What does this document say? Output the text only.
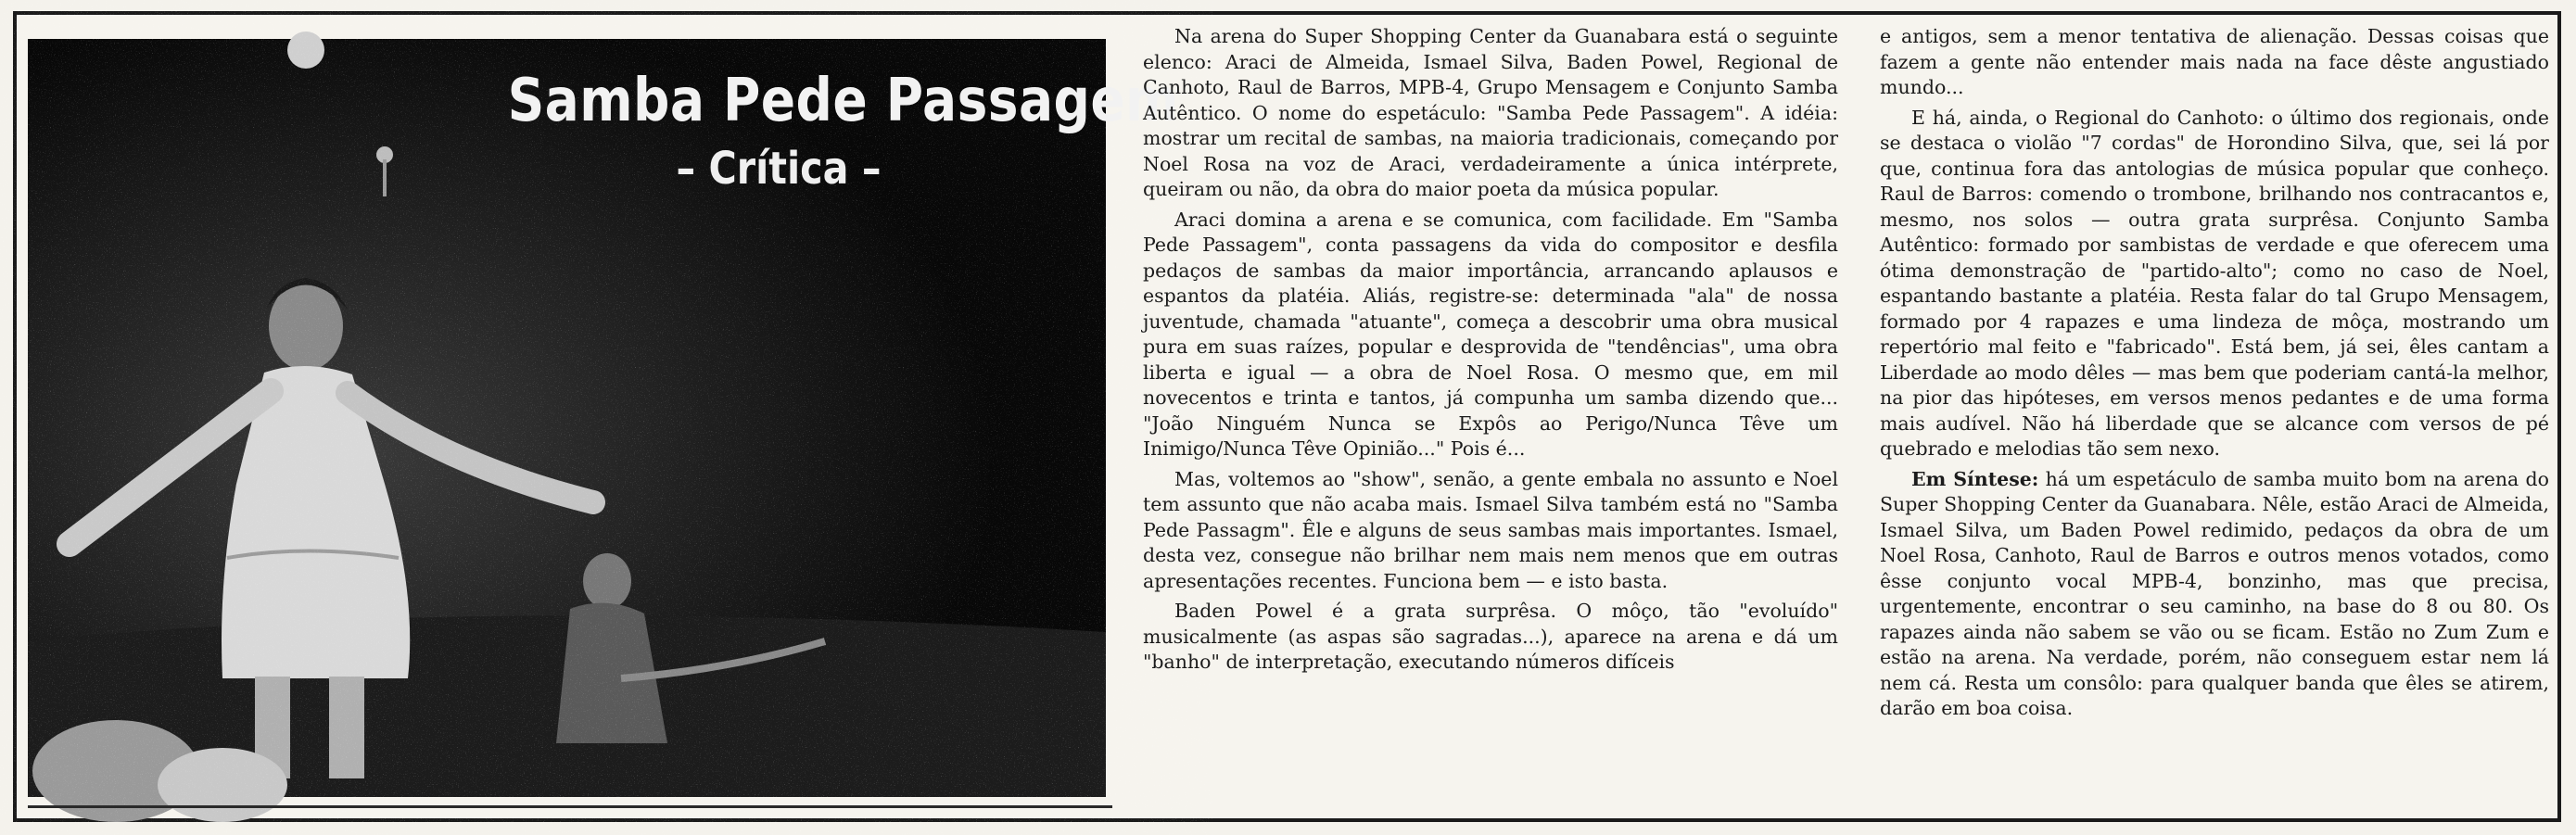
Samba Pede Passagem
– Crítica –

Na arena do Super Shopping Center da Guanabara está o seguinte elenco: Araci de Almeida, Ismael Silva, Baden Powel, Regional de Canhoto, Raul de Barros, MPB-4, Grupo Mensagem e Conjunto Samba Autêntico. O nome do espetáculo: "Samba Pede Passagem". A idéia: mostrar um recital de sambas, na maioria tradicionais, começando por Noel Rosa na voz de Araci, verdadeiramente a única intérprete, queiram ou não, da obra do maior poeta da música popular.

Araci domina a arena e se comunica, com facilidade. Em "Samba Pede Passagem", conta passagens da vida do compositor e desfila pedaços de sambas da maior importância, arrancando aplausos e espantos da platéia. Aliás, registre-se: determinada "ala" de nossa juventude, chamada "atuante", começa a descobrir uma obra musical pura em suas raízes, popular e desprovida de "tendências", uma obra liberta e igual — a obra de Noel Rosa. O mesmo que, em mil novecentos e trinta e tantos, já compunha um samba dizendo que... "João Ninguém Nunca se Expôs ao Perigo/Nunca Têve um Inimigo/Nunca Têve Opinião..." Pois é...

Mas, voltemos ao "show", senão, a gente embala no assunto e Noel tem assunto que não acaba mais. Ismael Silva também está no "Samba Pede Passagm". Êle e alguns de seus sambas mais importantes. Ismael, desta vez, consegue não brilhar nem mais nem menos que em outras apresentações recentes. Funciona bem — e isto basta.

Baden Powel é a grata surprêsa. O môço, tão "evoluído" musicalmente (as aspas são sagradas...), aparece na arena e dá um "banho" de interpretação, executando números difíceis

e antigos, sem a menor tentativa de alienação. Dessas coisas que fazem a gente não entender mais nada na face dêste angustiado mundo...

E há, ainda, o Regional do Canhoto: o último dos regionais, onde se destaca o violão "7 cordas" de Horondino Silva, que, sei lá por que, continua fora das antologias de música popular que conheço. Raul de Barros: comendo o trombone, brilhando nos contracantos e, mesmo, nos solos — outra grata surprêsa. Conjunto Samba Autêntico: formado por sambistas de verdade e que oferecem uma ótima demonstração de "partido-alto"; como no caso de Noel, espantando bastante a platéia. Resta falar do tal Grupo Mensagem, formado por 4 rapazes e uma lindeza de môça, mostrando um repertório mal feito e "fabricado". Está bem, já sei, êles cantam a Liberdade ao modo dêles — mas bem que poderiam cantá-la melhor, na pior das hipóteses, em versos menos pedantes e de uma forma mais audível. Não há liberdade que se alcance com versos de pé quebrado e melodias tão sem nexo.

Em Síntese: há um espetáculo de samba muito bom na arena do Super Shopping Center da Guanabara. Nêle, estão Araci de Almeida, Ismael Silva, um Baden Powel redimido, pedaços da obra de um Noel Rosa, Canhoto, Raul de Barros e outros menos votados, como êsse conjunto vocal MPB-4, bonzinho, mas que precisa, urgentemente, encontrar o seu caminho, na base do 8 ou 80. Os rapazes ainda não sabem se vão ou se ficam. Estão no Zum Zum e estão na arena. Na verdade, porém, não conseguem estar nem lá nem cá. Resta um consôlo: para qualquer banda que êles se atirem, darão em boa coisa.
